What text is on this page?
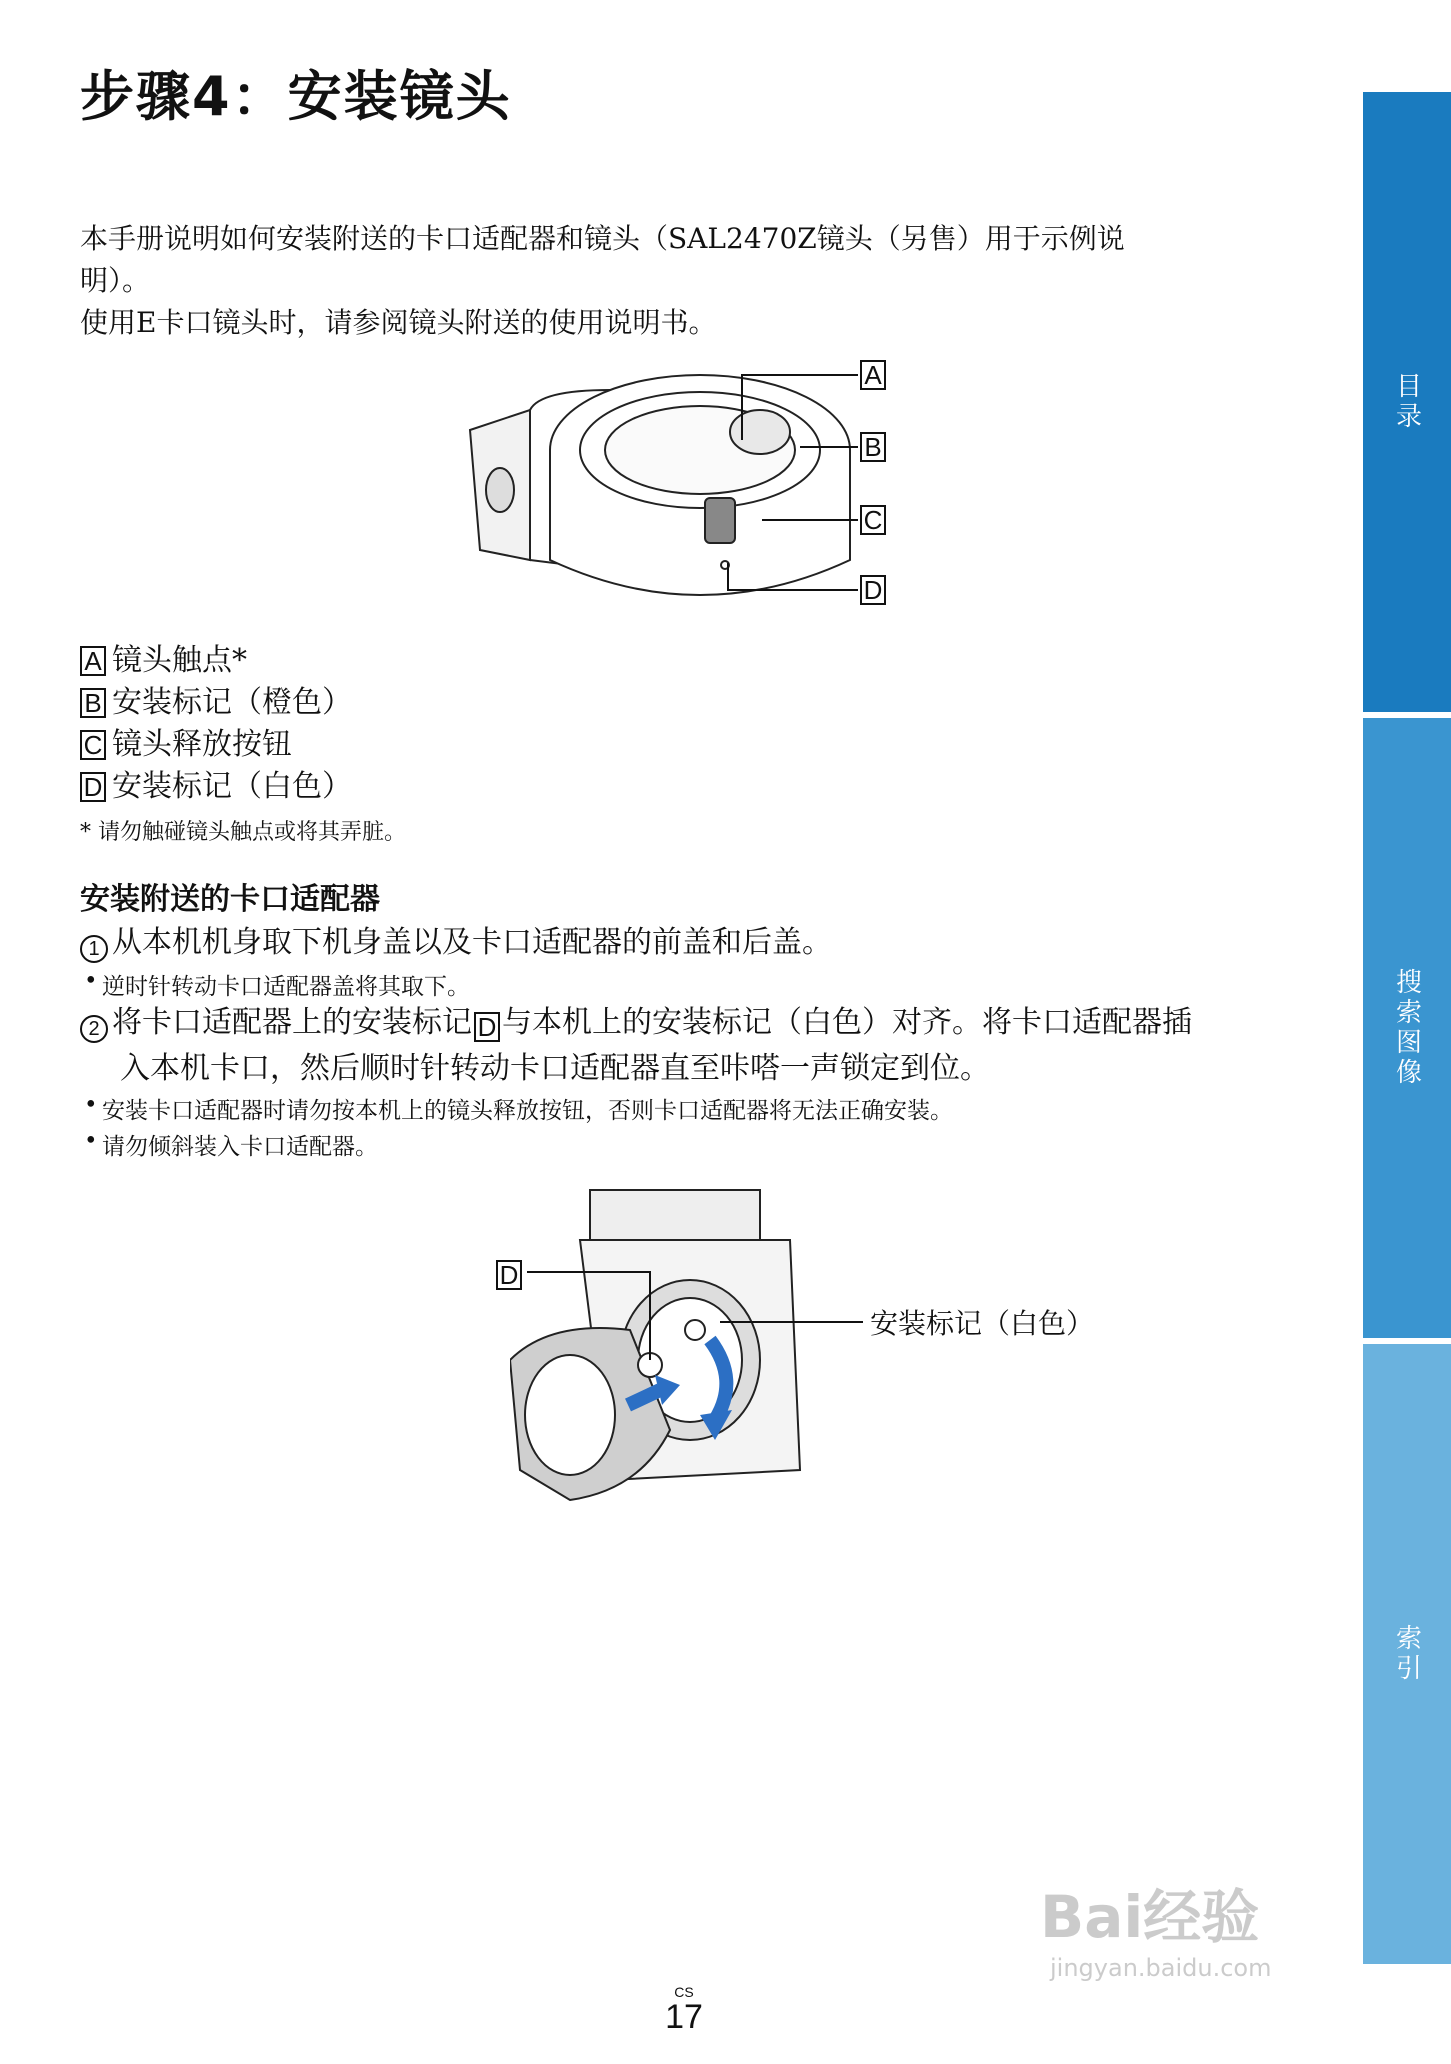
步骤4：安装镜头
本手册说明如何安装附送的卡口适配器和镜头（SAL2470Z镜头（另售）用于示例说
明）。
使用E卡口镜头时，请参阅镜头附送的使用说明书。
A
B
C
D
A 镜头触点*
B 安装标记（橙色）
C 镜头释放按钮
D 安装标记（白色）
* 请勿触碰镜头触点或将其弄脏。
安装附送的卡口适配器
1 从本机机身取下机身盖以及卡口适配器的前盖和后盖。
• 逆时针转动卡口适配器盖将其取下。
2 将卡口适配器上的安装标记 D 与本机上的安装标记（白色）对齐。将卡口适配器插
入本机卡口，然后顺时针转动卡口适配器直至咔嗒一声锁定到位。
• 安装卡口适配器时请勿按本机上的镜头释放按钮，否则卡口适配器将无法正确安装。
• 请勿倾斜装入卡口适配器。
D
安装标记（白色）
目录
搜索图像
索引
Bai经验
jingyan.baidu.com
CS
17
